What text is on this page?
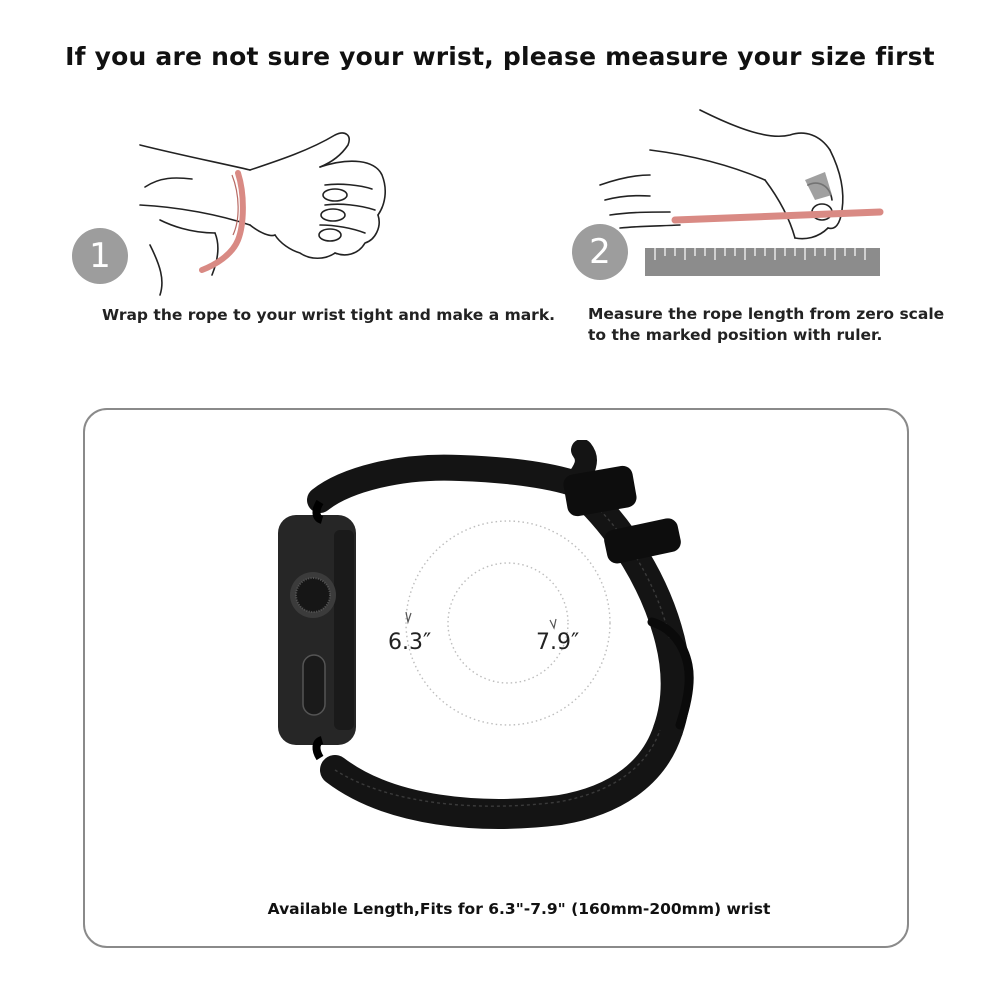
If you are not sure your wrist, please measure your size first
1
Wrap the rope to your wrist tight and make a mark.
2
Measure the rope length from zero scale
to the marked position with ruler.
6.3″	7.9″
Available Length,Fits for 6.3"-7.9" (160mm-200mm) wrist
